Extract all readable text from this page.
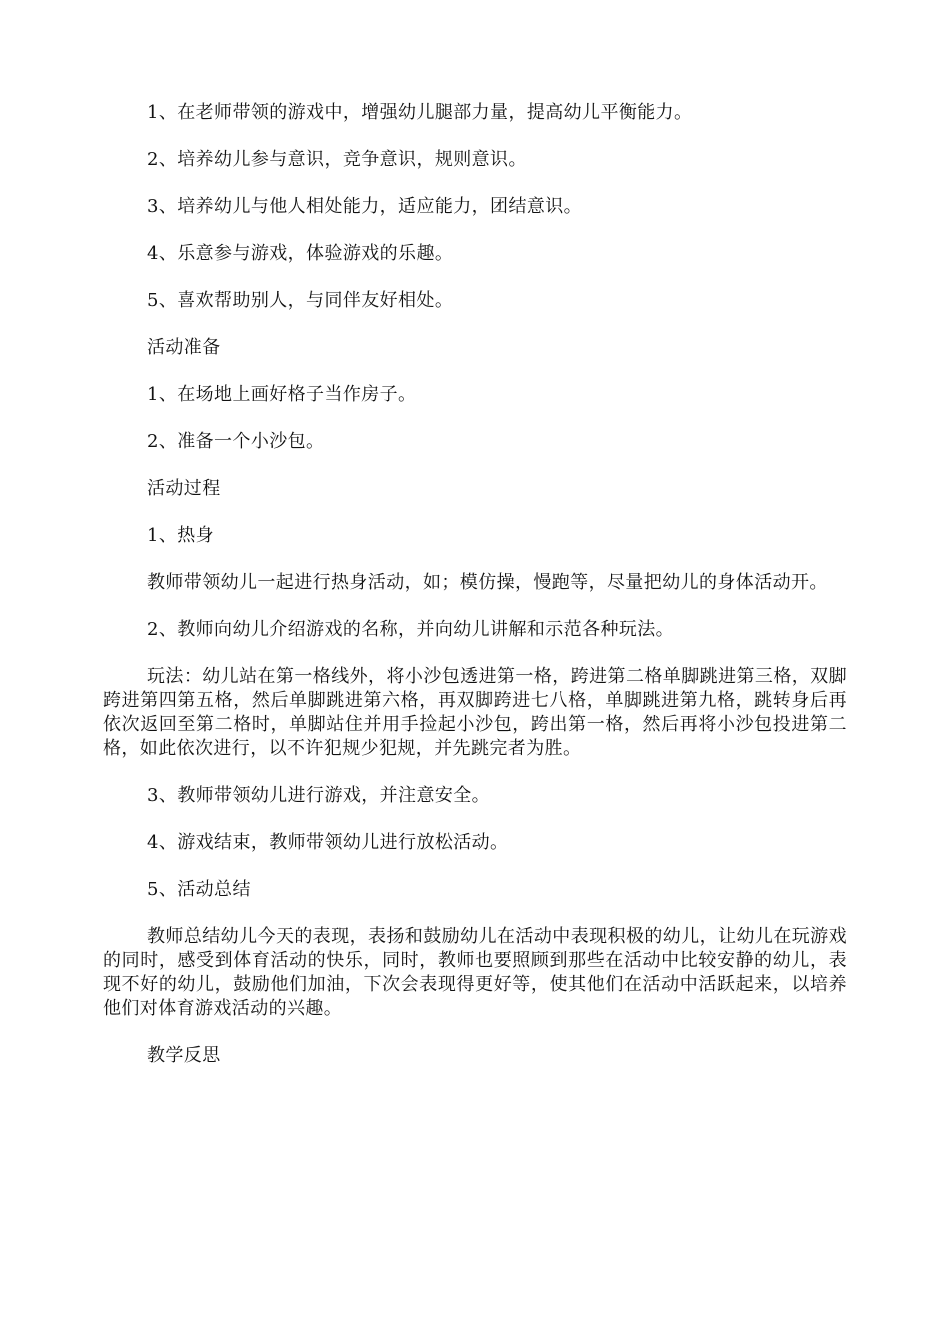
1、在老师带领的游戏中，增强幼儿腿部力量，提高幼儿平衡能力。

2、培养幼儿参与意识，竞争意识，规则意识。

3、培养幼儿与他人相处能力，适应能力，团结意识。

4、乐意参与游戏，体验游戏的乐趣。

5、喜欢帮助别人，与同伴友好相处。

活动准备

1、在场地上画好格子当作房子。

2、准备一个小沙包。

活动过程

1、热身

教师带领幼儿一起进行热身活动，如；模仿操，慢跑等，尽量把幼儿的身体活动开。

2、教师向幼儿介绍游戏的名称，并向幼儿讲解和示范各种玩法。

玩法：幼儿站在第一格线外，将小沙包透进第一格，跨进第二格单脚跳进第三格，双脚跨进第四第五格，然后单脚跳进第六格，再双脚跨进七八格，单脚跳进第九格，跳转身后再依次返回至第二格时，单脚站住并用手捡起小沙包，跨出第一格，然后再将小沙包投进第二格，如此依次进行，以不许犯规少犯规，并先跳完者为胜。

3、教师带领幼儿进行游戏，并注意安全。

4、游戏结束，教师带领幼儿进行放松活动。

5、活动总结

教师总结幼儿今天的表现，表扬和鼓励幼儿在活动中表现积极的幼儿，让幼儿在玩游戏的同时，感受到体育活动的快乐，同时，教师也要照顾到那些在活动中比较安静的幼儿，表现不好的幼儿，鼓励他们加油，下次会表现得更好等，使其他们在活动中活跃起来，以培养他们对体育游戏活动的兴趣。

教学反思
